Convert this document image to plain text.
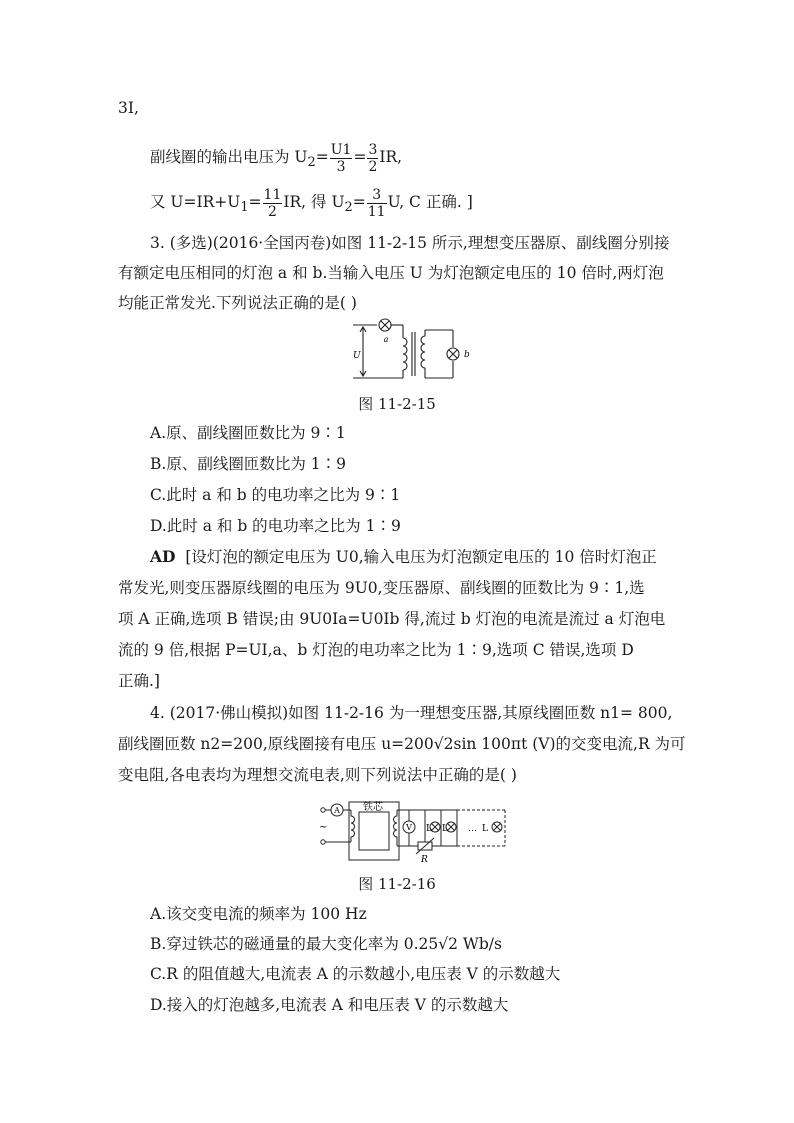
3I,
副线圈的输出电压为 $U_2= \frac{U1}{3} = \frac{3}{2}$ IR,
又 $U=IR+U_1= \frac{11}{2}$ IR, 得 $U_2= \frac{3}{11} U$, C 正确. ]
3. (多选)(2016·全国丙卷)如图 11-2-15 所示,理想变压器原、副线圈分别接
有额定电压相同的灯泡 a 和 b.当输入电压 U 为灯泡额定电压的 10 倍时,两灯泡
均能正常发光.下列说法正确的是( )
a
b
U
图 11-2-15
A.原、副线圈匝数比为 9∶1
B.原、副线圈匝数比为 1∶9
C.此时 a 和 b 的电功率之比为 9∶1
D.此时 a 和 b 的电功率之比为 1∶9
AD [设灯泡的额定电压为 U0,输入电压为灯泡额定电压的 10 倍时灯泡正
常发光,则变压器原线圈的电压为 9U0,变压器原、副线圈的匝数比为 9∶1,选
项 A 正确,选项 B 错误;由 9U0Ia=U0Ib 得,流过 b 灯泡的电流是流过 a 灯泡电
流的 9 倍,根据 P=UI,a、b 灯泡的电功率之比为 1∶9,选项 C 错误,选项 D
正确.]
4. (2017·佛山模拟)如图 11-2-16 为一理想变压器,其原线圈匝数 n1= 800,
副线圈匝数 n2=200,原线圈接有电压 u=200√2sin 100πt (V)的交变电流,R 为可
变电阻,各电表均为理想交流电表,则下列说法中正确的是( )
铁芯
A
V L L … L
R
~
图 11-2-16
A.该交变电流的频率为 100 Hz
B.穿过铁芯的磁通量的最大变化率为 0.25√2 Wb/s
C.R 的阻值越大,电流表 A 的示数越小,电压表 V 的示数越大
D.接入的灯泡越多,电流表 A 和电压表 V 的示数越大
